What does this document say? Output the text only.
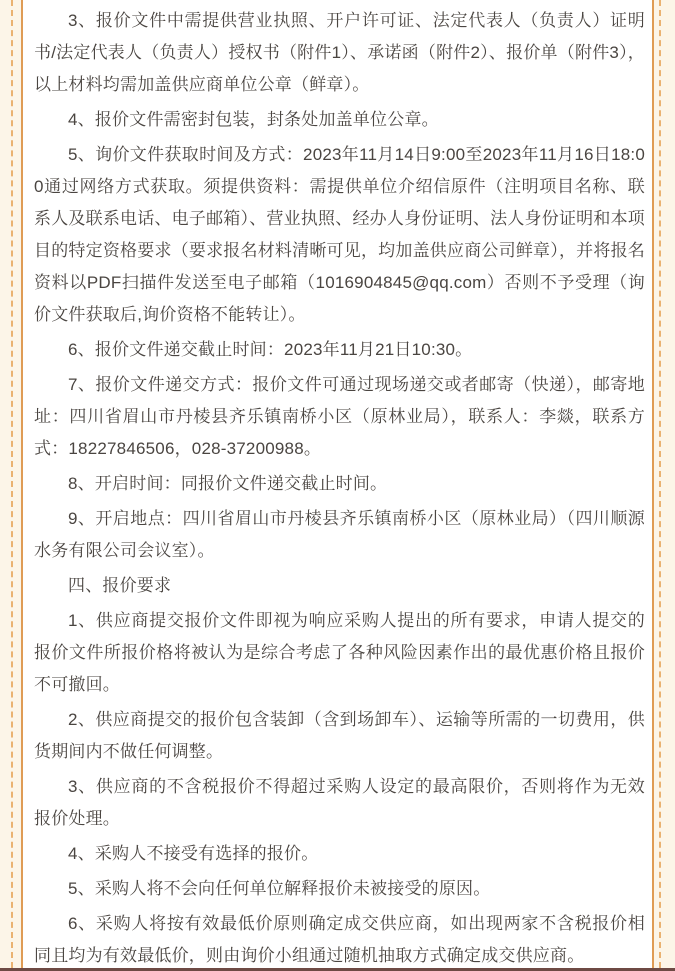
3、报价文件中需提供营业执照、开户许可证、法定代表人（负责人）证明书/法定代表人（负责人）授权书（附件1）、承诺函（附件2）、报价单（附件3），以上材料均需加盖供应商单位公章（鲜章）。

4、报价文件需密封包装，封条处加盖单位公章。

5、询价文件获取时间及方式：2023年11月14日9:00至2023年11月16日18:00通过网络方式获取。须提供资料：需提供单位介绍信原件（注明项目名称、联系人及联系电话、电子邮箱）、营业执照、经办人身份证明、法人身份证明和本项目的特定资格要求（要求报名材料清晰可见，均加盖供应商公司鲜章），并将报名资料以PDF扫描件发送至电子邮箱（1016904845@qq.com）否则不予受理（询价文件获取后,询价资格不能转让）。

6、报价文件递交截止时间：2023年11月21日10:30。

7、报价文件递交方式：报价文件可通过现场递交或者邮寄（快递），邮寄地址：四川省眉山市丹棱县齐乐镇南桥小区（原林业局），联系人：李燚，联系方式：18227846506，028-37200988。

8、开启时间：同报价文件递交截止时间。

9、开启地点：四川省眉山市丹棱县齐乐镇南桥小区（原林业局）（四川顺源水务有限公司会议室）。

四、报价要求

1、供应商提交报价文件即视为响应采购人提出的所有要求，申请人提交的报价文件所报价格将被认为是综合考虑了各种风险因素作出的最优惠价格且报价不可撤回。

2、供应商提交的报价包含装卸（含到场卸车）、运输等所需的一切费用，供货期间内不做任何调整。

3、供应商的不含税报价不得超过采购人设定的最高限价，否则将作为无效报价处理。

4、采购人不接受有选择的报价。

5、采购人将不会向任何单位解释报价未被接受的原因。

6、采购人将按有效最低价原则确定成交供应商，如出现两家不含税报价相同且均为有效最低价，则由询价小组通过随机抽取方式确定成交供应商。
